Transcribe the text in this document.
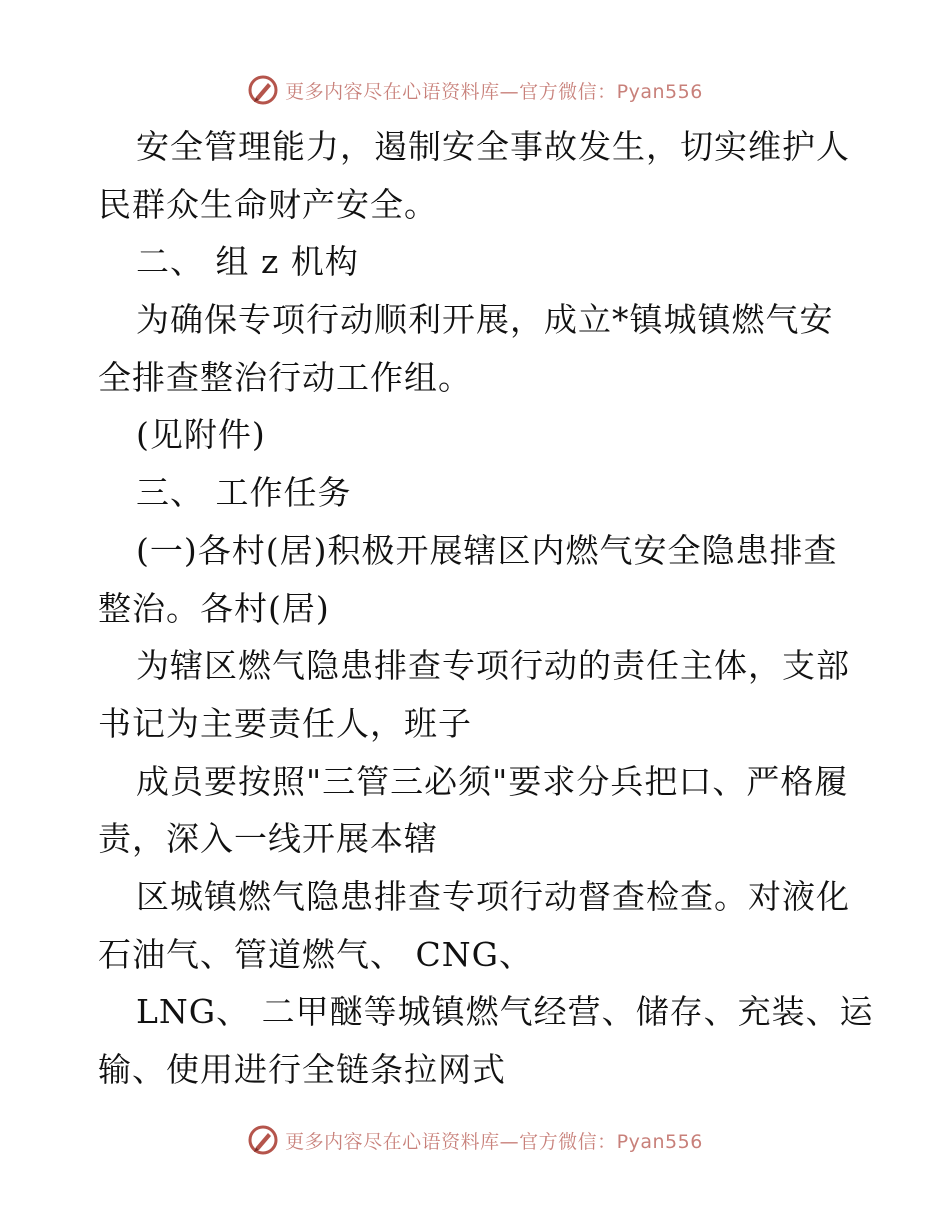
更多内容尽在心语资料库—官方微信：Pyan556
安全管理能力，遏制安全事故发生，切实维护人
民群众生命财产安全。
二、 组 z 机构
为确保专项行动顺利开展，成立*镇城镇燃气安
全排查整治行动工作组。
(见附件)
三、 工作任务
(一)各村(居)积极开展辖区内燃气安全隐患排查
整治。各村(居)
为辖区燃气隐患排查专项行动的责任主体，支部
书记为主要责任人，班子
成员要按照"三管三必须"要求分兵把口、严格履
责，深入一线开展本辖
区城镇燃气隐患排查专项行动督查检查。对液化
石油气、管道燃气、 CNG、
LNG、 二甲醚等城镇燃气经营、储存、充装、运
输、使用进行全链条拉网式
更多内容尽在心语资料库—官方微信：Pyan556
